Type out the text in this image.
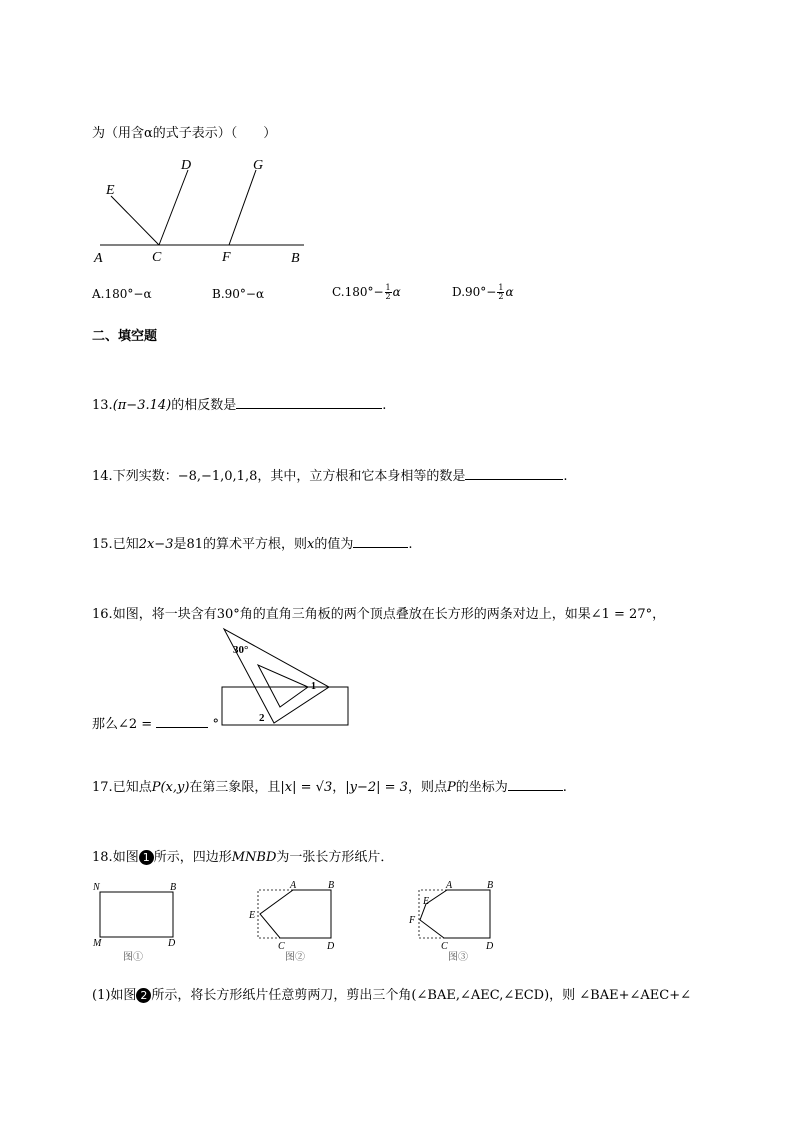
为（用含α的式子表示）（　　）
A	C	F	B
D
E
G
A.180°−α	B.90°−α	$C.180^\circ- \frac{1}{2}$ α	$D.90^\circ- \frac{1}{2}$ α
二、填空题
13.(π−3.14)的相反数是	.
14.下列实数：−8,−1,0,1,8，其中，立方根和它本身相等的数是	.
15.已知2x−3是81的算术平方根，则x的值为	.
16.如图，将一块含有30°角的直角三角板的两个顶点叠放在长方形的两条对边上，如果∠1 = 27°，
那么∠2 =	°
30°
1
2
17.已知点P(x,y)在第三象限，且|x| = √3，|y−2| = 3，则点P的坐标为	.
18.如图 1 所示，四边形MNBD为一张长方形纸片．
N	B
M	D
图①
A	B
E
C	D
图②
A	B
E
F
C	D
图③
(1)如图 2 所示，将长方形纸片任意剪两刀，剪出三个角(∠BAE,∠AEC,∠ECD)，则 ∠BAE+∠AEC+∠
